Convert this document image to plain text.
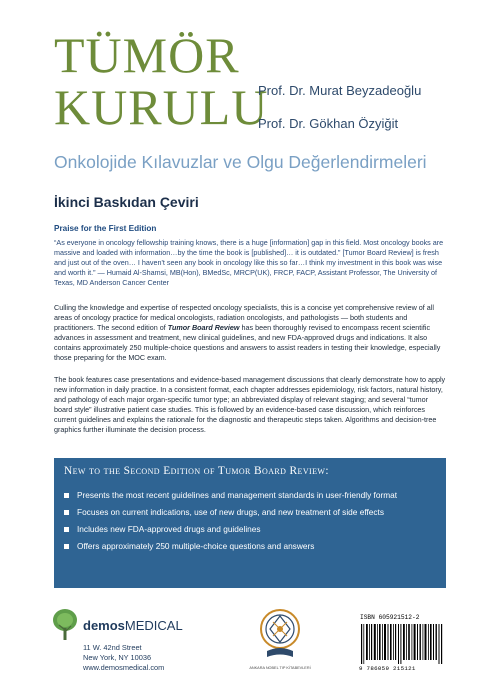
TÜMÖR
KURULU
Prof. Dr. Murat Beyzadeoğlu
Prof. Dr. Gökhan Özyiğit
Onkolojide Kılavuzlar ve Olgu Değerlendirmeleri
İkinci Baskıdan Çeviri
Praise for the First Edition

“As everyone in oncology fellowship training knows, there is a huge [information] gap in this field. Most oncology books are massive and loaded with information…by the time the book is [published]… it is outdated.” [Tumor Board Review] is fresh and just out of the oven… I haven't seen any book in oncology like this so far…I think my investment in this book was wise and worth it.” — Humaid Al-Shamsi, MB(Hon), BMedSc, MRCP(UK), FRCP, FACP, Assistant Professor, The University of Texas, MD Anderson Cancer Center

Culling the knowledge and expertise of respected oncology specialists, this is a concise yet comprehensive review of all areas of oncology practice for medical oncologists, radiation oncologists, and pathologists — both students and practitioners. The second edition of Tumor Board Review has been thoroughly revised to encompass recent scientific advances in assessment and treatment, new clinical guidelines, and new FDA-approved drugs and indications. It also contains approximately 250 multiple-choice questions and answers to assist readers in testing their knowledge, especially those preparing for the MOC exam.

The book features case presentations and evidence-based management discussions that clearly demonstrate how to apply new information in daily practice. In a consistent format, each chapter addresses epidemiology, risk factors, natural history, and pathology of each major organ-specific tumor type; an abbreviated display of relevant staging; and several “tumor board style” illustrative patient case studies. This is followed by an evidence-based case discussion, which reinforces current guidelines and explains the rationale for the diagnostic and therapeutic steps taken. Algorithms and decision-tree graphics further illuminate the decision process.

New to the Second Edition of Tumor Board Review:
Presents the most recent guidelines and management standards in user-friendly format
Focuses on current indications, use of new drugs, and new treatment of side effects
Includes new FDA-approved drugs and guidelines
Offers approximately 250 multiple-choice questions and answers
demosMEDICAL
11 W. 42nd Street
New York, NY 10036
www.demosmedical.com	ANKARA NOBEL TIP KİTABEVLERİ
ISBN 605921512-2
9 786059 215121
